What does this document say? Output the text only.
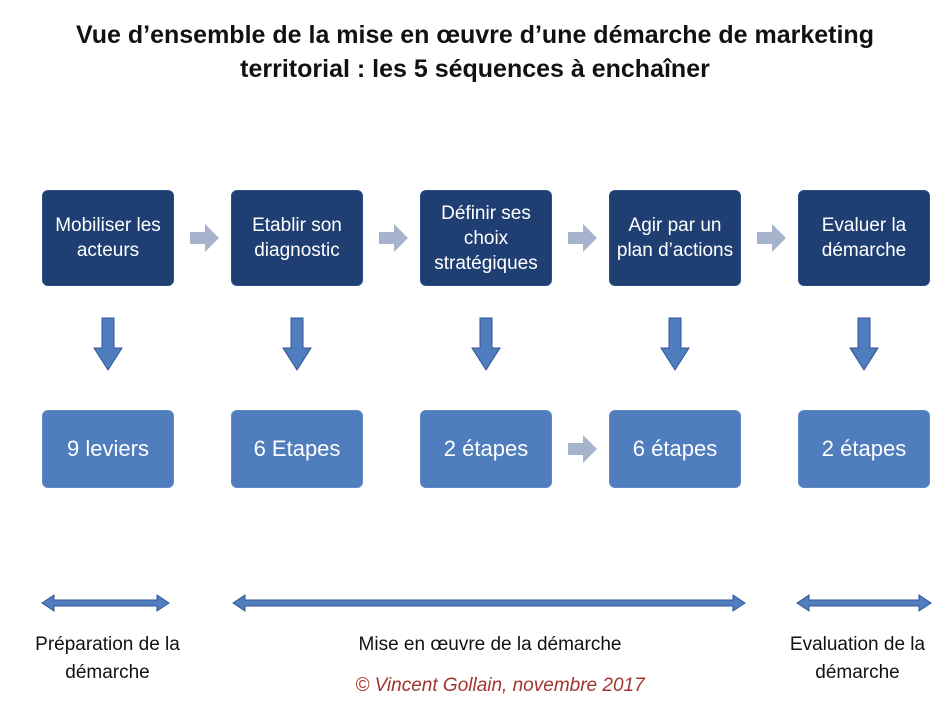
Vue d’ensemble de la mise en œuvre d’une démarche de marketing
territorial : les 5 séquences à enchaîner
Mobiliser les acteurs
Etablir son diagnostic
Définir ses choix stratégiques
Agir par un plan d’actions
Evaluer la démarche
9 leviers	6 Etapes	2 étapes	6 étapes	2 étapes
Préparation de la démarche
Mise en œuvre de la démarche	Evaluation de la démarche
© Vincent Gollain, novembre 2017
